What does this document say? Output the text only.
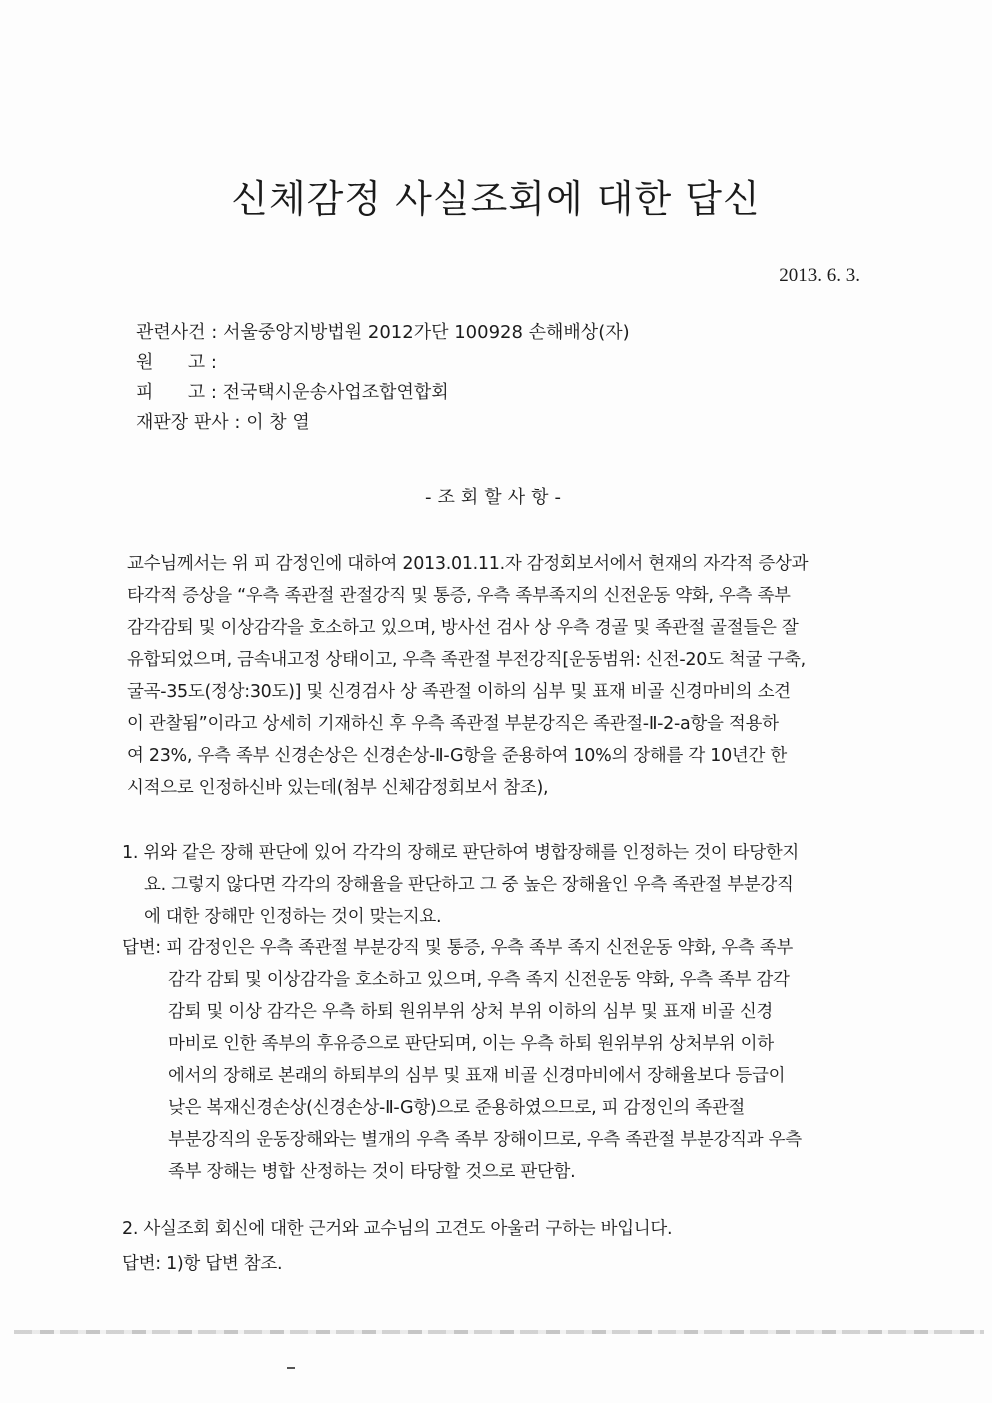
신체감정 사실조회에 대한 답신
2013. 6. 3.
관련사건 : 서울중앙지방법원 2012가단 100928 손해배상(자)
원      고 :
피      고 : 전국택시운송사업조합연합회
재판장 판사 : 이 창 열
-조회할사항-
교수님께서는 위 피 감정인에 대하여 2013.01.11.자 감정회보서에서 현재의 자각적 증상과
타각적 증상을 “우측 족관절 관절강직 및 통증, 우측 족부족지의 신전운동 약화, 우측 족부
감각감퇴 및 이상감각을 호소하고 있으며, 방사선 검사 상 우측 경골 및 족관절 골절들은 잘
유합되었으며, 금속내고정 상태이고, 우측 족관절 부전강직[운동범위: 신전-20도 척굴 구축,
굴곡-35도(정상:30도)] 및 신경검사 상 족관절 이하의 심부 및 표재 비골 신경마비의 소견
이 관찰됨”이라고 상세히 기재하신 후 우측 족관절 부분강직은 족관절-Ⅱ-2-a항을 적용하
여 23%, 우측 족부 신경손상은 신경손상-Ⅱ-G항을 준용하여 10%의 장해를 각 10년간 한
시적으로 인정하신바 있는데(첨부 신체감정회보서 참조),
1. 위와 같은 장해 판단에 있어 각각의 장해로 판단하여 병합장해를 인정하는 것이 타당한지
요. 그렇지 않다면 각각의 장해율을 판단하고 그 중 높은 장해율인 우측 족관절 부분강직
에 대한 장해만 인정하는 것이 맞는지요.
답변: 피 감정인은 우측 족관절 부분강직 및 통증, 우측 족부 족지 신전운동 약화, 우측 족부
감각 감퇴 및 이상감각을 호소하고 있으며, 우측 족지 신전운동 약화, 우측 족부 감각
감퇴 및 이상 감각은 우측 하퇴 원위부위 상처 부위 이하의 심부 및 표재 비골 신경
마비로 인한 족부의 후유증으로 판단되며, 이는 우측 하퇴 원위부위 상처부위 이하
에서의 장해로 본래의 하퇴부의 심부 및 표재 비골 신경마비에서 장해율보다 등급이
낮은 복재신경손상(신경손상-Ⅱ-G항)으로 준용하였으므로, 피 감정인의 족관절
부분강직의 운동장해와는 별개의 우측 족부 장해이므로, 우측 족관절 부분강직과 우측
족부 장해는 병합 산정하는 것이 타당할 것으로 판단함.
2. 사실조회 회신에 대한 근거와 교수님의 고견도 아울러 구하는 바입니다.
답변: 1)항 답변 참조.
